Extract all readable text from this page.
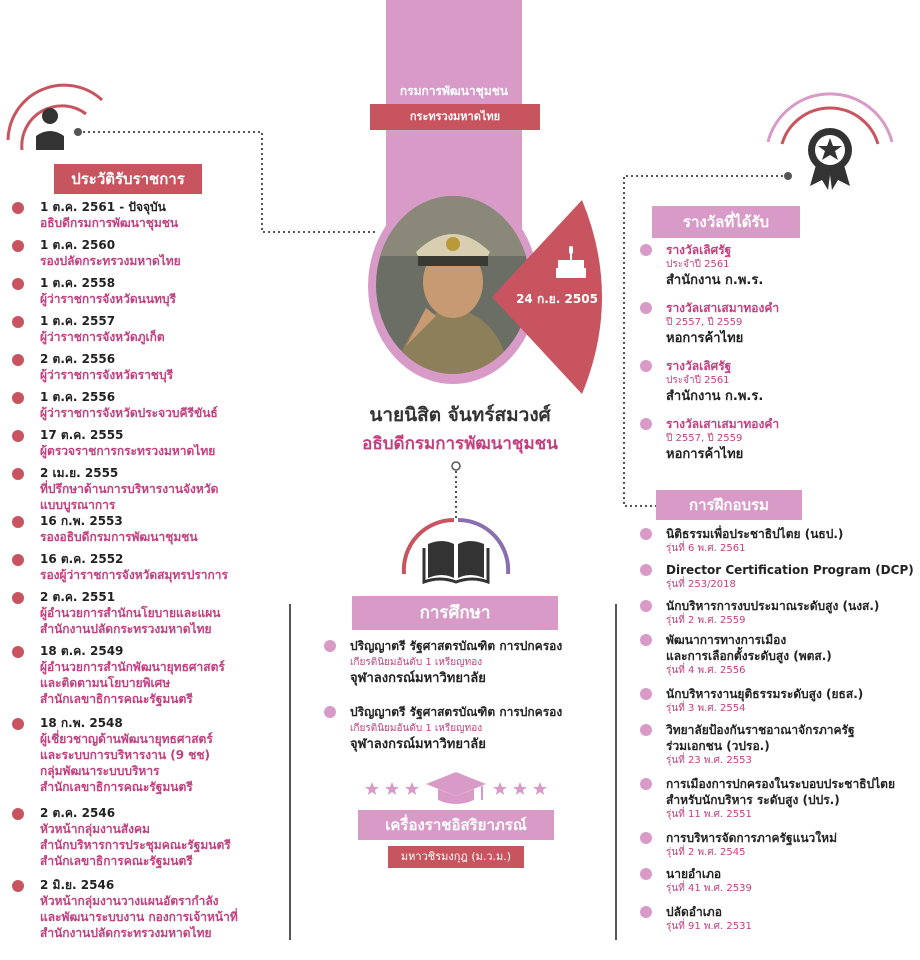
กรมการพัฒนาชุมชน
กระทรวงมหาดไทย
24 ก.ย. 2505
นายนิสิต จันทร์สมวงศ์
อธิบดีกรมการพัฒนาชุมชน
ประวัติรับราชการ
รางวัลที่ได้รับ
การฝึกอบรม
การศึกษา
1 ต.ค. 2561 - ปัจจุบัน
อธิบดีกรมการพัฒนาชุมชน
1 ต.ค. 2560
รองปลัดกระทรวงมหาดไทย
1 ต.ค. 2558
ผู้ว่าราชการจังหวัดนนทบุรี
1 ต.ค. 2557
ผู้ว่าราชการจังหวัดภูเก็ต
2 ต.ค. 2556
ผู้ว่าราชการจังหวัดราชบุรี
1 ต.ค. 2556
ผู้ว่าราชการจังหวัดประจวบคีรีขันธ์
17 ต.ค. 2555
ผู้ตรวจราชการกระทรวงมหาดไทย
2 เม.ย. 2555
ที่ปรึกษาด้านการบริหารงานจังหวัด
แบบบูรณาการ
16 ก.พ. 2553
รองอธิบดีกรมการพัฒนาชุมชน
16 ต.ค. 2552
รองผู้ว่าราชการจังหวัดสมุทรปราการ
2 ต.ค. 2551
ผู้อำนวยการสำนักนโยบายและแผน
สำนักงานปลัดกระทรวงมหาดไทย
18 ต.ค. 2549
ผู้อำนวยการสำนักพัฒนายุทธศาสตร์
และติดตามนโยบายพิเศษ
สำนักเลขาธิการคณะรัฐมนตรี
18 ก.พ. 2548
ผู้เชี่ยวชาญด้านพัฒนายุทธศาสตร์
และระบบการบริหารงาน (9 ชช)
กลุ่มพัฒนาระบบบริหาร
สำนักเลขาธิการคณะรัฐมนตรี
2 ต.ค. 2546
หัวหน้ากลุ่มงานสังคม
สำนักบริหารการประชุมคณะรัฐมนตรี
สำนักเลขาธิการคณะรัฐมนตรี
2 มิ.ย. 2546
หัวหน้ากลุ่มงานวางแผนอัตรากำลัง
และพัฒนาระบบงาน กองการเจ้าหน้าที่
สำนักงานปลัดกระทรวงมหาดไทย
รางวัลเลิศรัฐ
ประจำปี 2561
สำนักงาน ก.พ.ร.
รางวัลเสาเสมาทองคำ
ปี 2557, ปี 2559
หอการค้าไทย
รางวัลเลิศรัฐ
ประจำปี 2561
สำนักงาน ก.พ.ร.
รางวัลเสาเสมาทองคำ
ปี 2557, ปี 2559
หอการค้าไทย
นิติธรรมเพื่อประชาธิปไตย (นธป.)
รุ่นที่ 6 พ.ศ. 2561
Director Certification Program (DCP)
รุ่นที่ 253/2018
นักบริหารการงบประมาณระดับสูง (นงส.)
รุ่นที่ 2 พ.ศ. 2559
พัฒนาการทางการเมือง
และการเลือกตั้งระดับสูง (พตส.)
รุ่นที่ 4 พ.ศ. 2556
นักบริหารงานยุติธรรมระดับสูง (ยธส.)
รุ่นที่ 3 พ.ศ. 2554
วิทยาลัยป้องกันราชอาณาจักรภาครัฐ
ร่วมเอกชน (วปรอ.)
รุ่นที่ 23 พ.ศ. 2553
การเมืองการปกครองในระบอบประชาธิปไตย
สำหรับนักบริหาร ระดับสูง (ปปร.)
รุ่นที่ 11 พ.ศ. 2551
การบริหารจัดการภาครัฐแนวใหม่
รุ่นที่ 2 พ.ศ. 2545
นายอำเภอ
รุ่นที่ 41 พ.ศ. 2539
ปลัดอำเภอ
รุ่นที่ 91 พ.ศ. 2531
ปริญญาตรี รัฐศาสตรบัณฑิต การปกครอง
เกียรตินิยมอันดับ 1 เหรียญทอง
จุฬาลงกรณ์มหาวิทยาลัย
ปริญญาตรี รัฐศาสตรบัณฑิต การปกครอง
เกียรตินิยมอันดับ 1 เหรียญทอง
จุฬาลงกรณ์มหาวิทยาลัย
เครื่องราชอิสริยาภรณ์
มหาวชิรมงกุฎ (ม.ว.ม.)
